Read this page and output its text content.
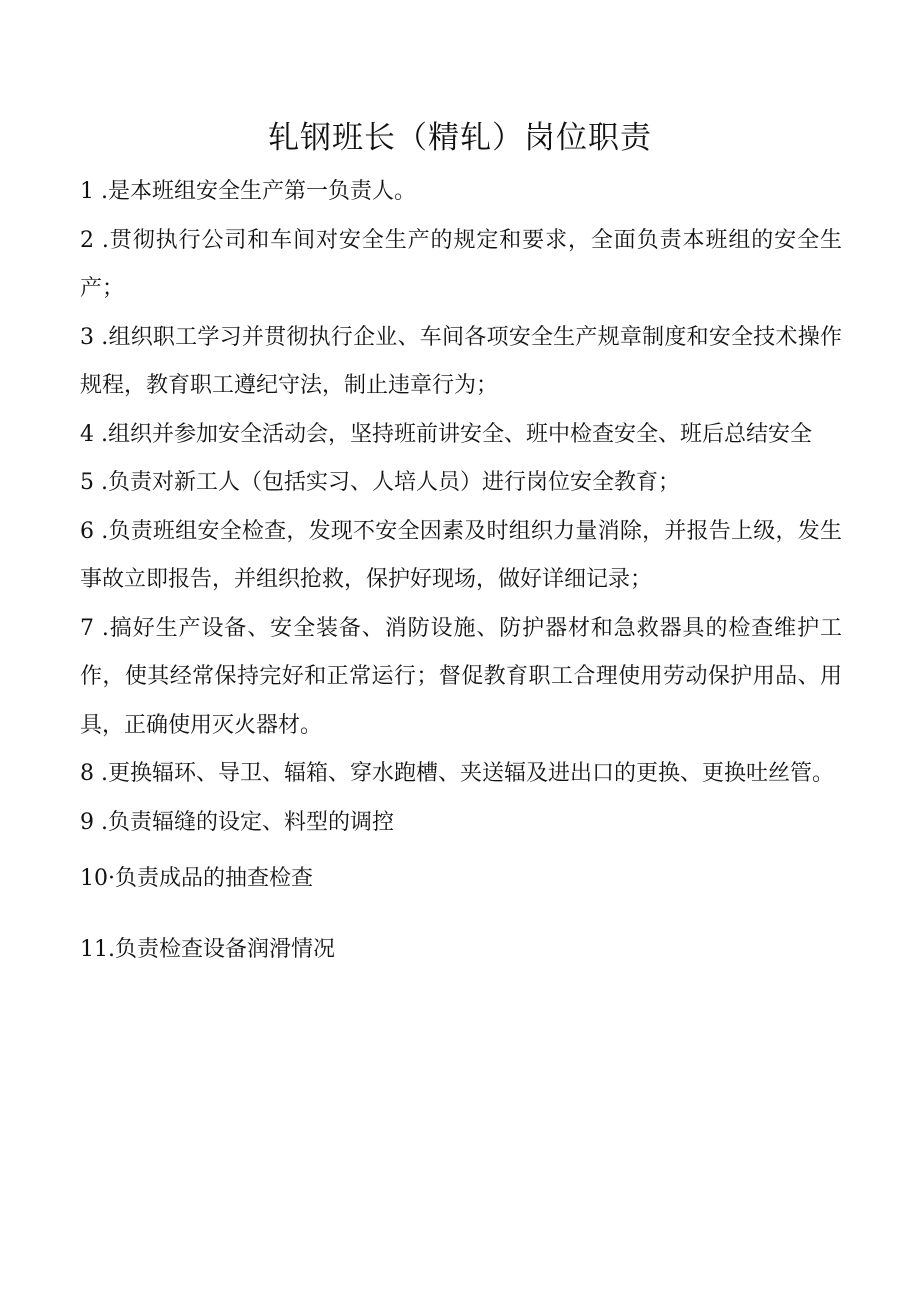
轧钢班长（精轧）岗位职责
1 .是本班组安全生产第一负责人。
2 .贯彻执行公司和车间对安全生产的规定和要求，全面负责本班组的安全生产；
3 .组织职工学习并贯彻执行企业、车间各项安全生产规章制度和安全技术操作规程，教育职工遵纪守法，制止违章行为；
4 .组织并参加安全活动会，坚持班前讲安全、班中检查安全、班后总结安全
5 .负责对新工人（包括实习、人培人员）进行岗位安全教育；
6 .负责班组安全检查，发现不安全因素及时组织力量消除，并报告上级，发生事故立即报告，并组织抢救，保护好现场，做好详细记录；
7 .搞好生产设备、安全装备、消防设施、防护器材和急救器具的检查维护工作，使其经常保持完好和正常运行；督促教育职工合理使用劳动保护用品、用具，正确使用灭火器材。
8 .更换辐环、导卫、辐箱、穿水跑槽、夹送辐及进出口的更换、更换吐丝管。
9 .负责辐缝的设定、料型的调控
10·负责成品的抽查检查
11.负责检查设备润滑情况
